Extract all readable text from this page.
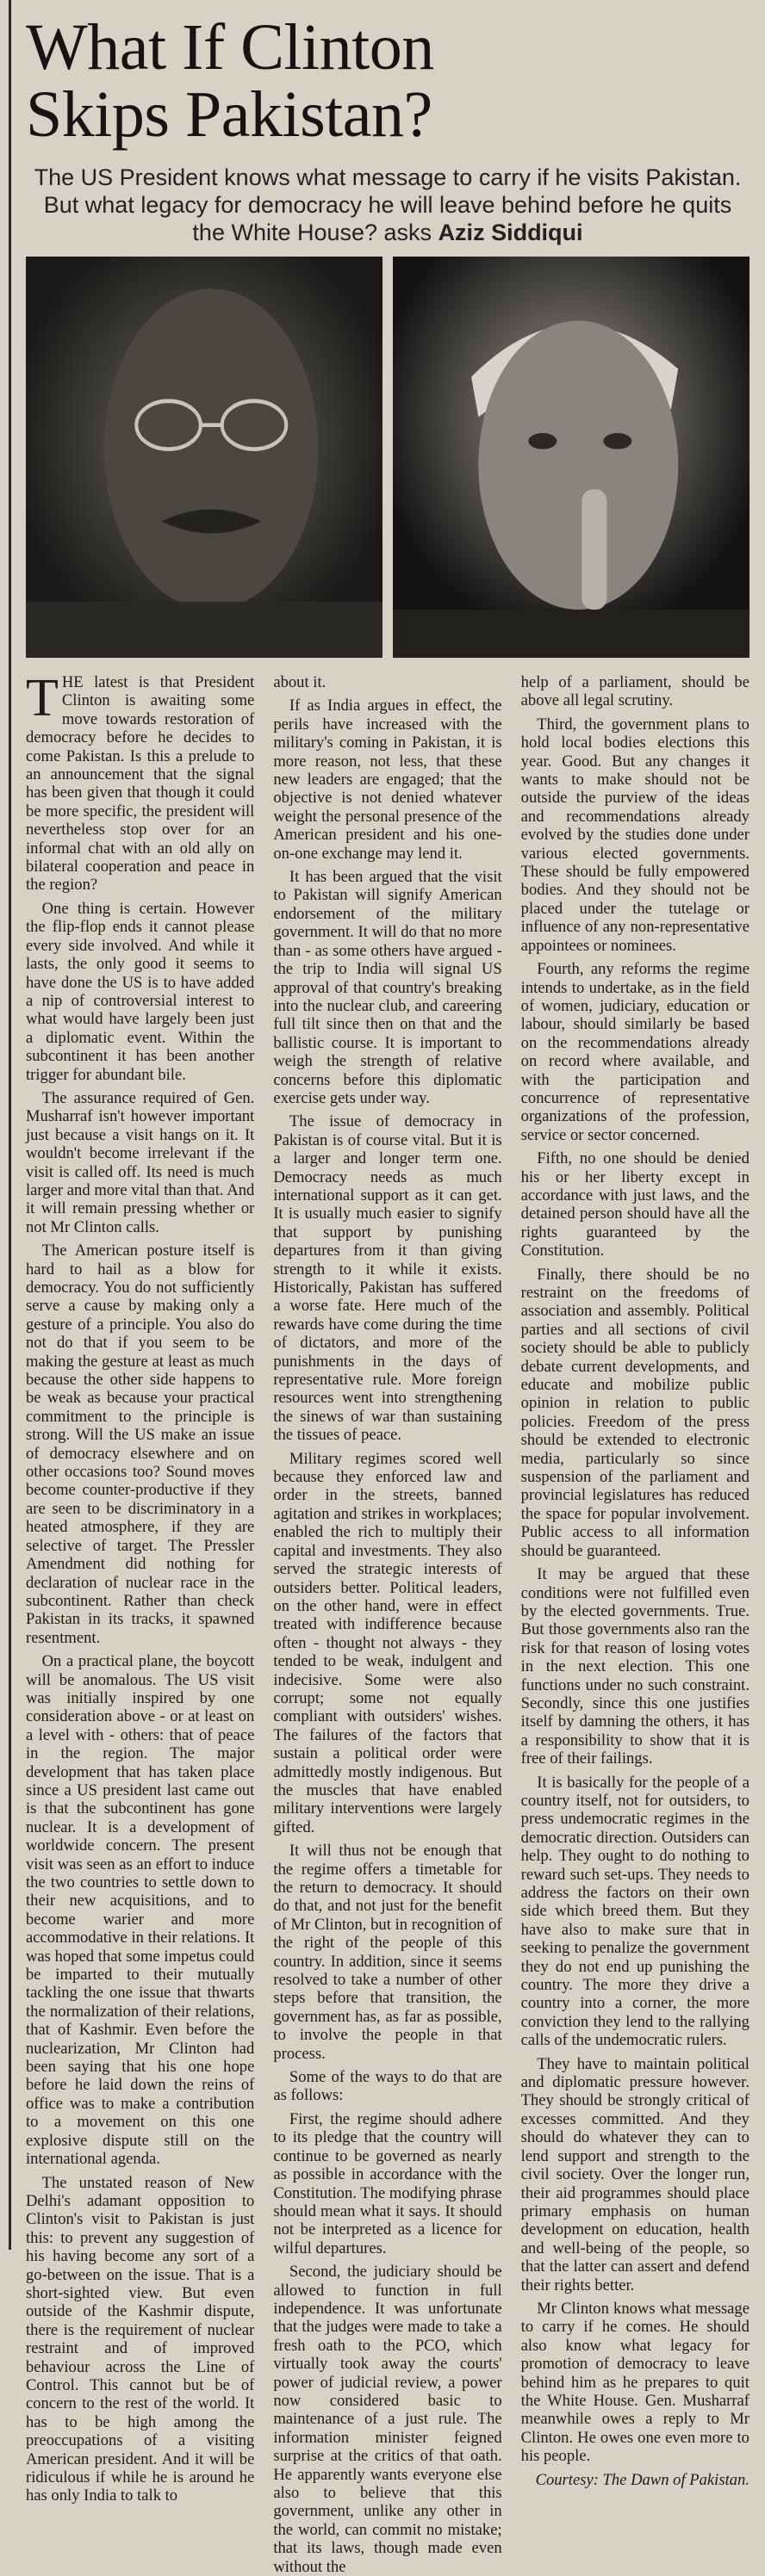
What If Clinton
Skips Pakistan?

The US President knows what message to carry if he visits Pakistan. But what legacy for democracy he will leave behind before he quits the White House? asks Aziz Siddiqui

THE latest is that President Clinton is awaiting some move towards restoration of democracy before he decides to come Pakistan. Is this a prelude to an announcement that the signal has been given that though it could be more specific, the president will nevertheless stop over for an informal chat with an old ally on bilateral cooperation and peace in the region?

One thing is certain. However the flip-flop ends it cannot please every side involved. And while it lasts, the only good it seems to have done the US is to have added a nip of controversial interest to what would have largely been just a diplomatic event. Within the subcontinent it has been another trigger for abundant bile.

The assurance required of Gen. Musharraf isn't however important just because a visit hangs on it. It wouldn't become irrelevant if the visit is called off. Its need is much larger and more vital than that. And it will remain pressing whether or not Mr Clinton calls.

The American posture itself is hard to hail as a blow for democracy. You do not sufficiently serve a cause by making only a gesture of a principle. You also do not do that if you seem to be making the gesture at least as much because the other side happens to be weak as because your practical commitment to the principle is strong. Will the US make an issue of democracy elsewhere and on other occasions too? Sound moves become counter-productive if they are seen to be discriminatory in a heated atmosphere, if they are selective of target. The Pressler Amendment did nothing for declaration of nuclear race in the subcontinent. Rather than check Pakistan in its tracks, it spawned resentment.

On a practical plane, the boycott will be anomalous. The US visit was initially inspired by one consideration above - or at least on a level with - others: that of peace in the region. The major development that has taken place since a US president last came out is that the subcontinent has gone nuclear. It is a development of worldwide concern. The present visit was seen as an effort to induce the two countries to settle down to their new acquisitions, and to become warier and more accommodative in their relations. It was hoped that some impetus could be imparted to their mutually tackling the one issue that thwarts the normalization of their relations, that of Kashmir. Even before the nuclearization, Mr Clinton had been saying that his one hope before he laid down the reins of office was to make a contribution to a movement on this one explosive dispute still on the international agenda.

The unstated reason of New Delhi's adamant opposition to Clinton's visit to Pakistan is just this: to prevent any suggestion of his having become any sort of a go-between on the issue. That is a short-sighted view. But even outside of the Kashmir dispute, there is the requirement of nuclear restraint and of improved behaviour across the Line of Control. This cannot but be of concern to the rest of the world. It has to be high among the preoccupations of a visiting American president. And it will be ridiculous if while he is around he has only India to talk to

about it.

If as India argues in effect, the perils have increased with the military's coming in Pakistan, it is more reason, not less, that these new leaders are engaged; that the objective is not denied whatever weight the personal presence of the American president and his one-on-one exchange may lend it.

It has been argued that the visit to Pakistan will signify American endorsement of the military government. It will do that no more than - as some others have argued - the trip to India will signal US approval of that country's breaking into the nuclear club, and careering full tilt since then on that and the ballistic course. It is important to weigh the strength of relative concerns before this diplomatic exercise gets under way.

The issue of democracy in Pakistan is of course vital. But it is a larger and longer term one. Democracy needs as much international support as it can get. It is usually much easier to signify that support by punishing departures from it than giving strength to it while it exists. Historically, Pakistan has suffered a worse fate. Here much of the rewards have come during the time of dictators, and more of the punishments in the days of representative rule. More foreign resources went into strengthening the sinews of war than sustaining the tissues of peace.

Military regimes scored well because they enforced law and order in the streets, banned agitation and strikes in workplaces; enabled the rich to multiply their capital and investments. They also served the strategic interests of outsiders better. Political leaders, on the other hand, were in effect treated with indifference because often - thought not always - they tended to be weak, indulgent and indecisive. Some were also corrupt; some not equally compliant with outsiders' wishes. The failures of the factors that sustain a political order were admittedly mostly indigenous. But the muscles that have enabled military interventions were largely gifted.

It will thus not be enough that the regime offers a timetable for the return to democracy. It should do that, and not just for the benefit of Mr Clinton, but in recognition of the right of the people of this country. In addition, since it seems resolved to take a number of other steps before that transition, the government has, as far as possible, to involve the people in that process.

Some of the ways to do that are as follows:

First, the regime should adhere to its pledge that the country will continue to be governed as nearly as possible in accordance with the Constitution. The modifying phrase should mean what it says. It should not be interpreted as a licence for wilful departures.

Second, the judiciary should be allowed to function in full independence. It was unfortunate that the judges were made to take a fresh oath to the PCO, which virtually took away the courts' power of judicial review, a power now considered basic to maintenance of a just rule. The information minister feigned surprise at the critics of that oath. He apparently wants everyone else also to believe that this government, unlike any other in the world, can commit no mistake; that its laws, though made even without the

help of a parliament, should be above all legal scrutiny.

Third, the government plans to hold local bodies elections this year. Good. But any changes it wants to make should not be outside the purview of the ideas and recommendations already evolved by the studies done under various elected governments. These should be fully empowered bodies. And they should not be placed under the tutelage or influence of any non-representative appointees or nominees.

Fourth, any reforms the regime intends to undertake, as in the field of women, judiciary, education or labour, should similarly be based on the recommendations already on record where available, and with the participation and concurrence of representative organizations of the profession, service or sector concerned.

Fifth, no one should be denied his or her liberty except in accordance with just laws, and the detained person should have all the rights guaranteed by the Constitution.

Finally, there should be no restraint on the freedoms of association and assembly. Political parties and all sections of civil society should be able to publicly debate current developments, and educate and mobilize public opinion in relation to public policies. Freedom of the press should be extended to electronic media, particularly so since suspension of the parliament and provincial legislatures has reduced the space for popular involvement. Public access to all information should be guaranteed.

It may be argued that these conditions were not fulfilled even by the elected governments. True. But those governments also ran the risk for that reason of losing votes in the next election. This one functions under no such constraint. Secondly, since this one justifies itself by damning the others, it has a responsibility to show that it is free of their failings.

It is basically for the people of a country itself, not for outsiders, to press undemocratic regimes in the democratic direction. Outsiders can help. They ought to do nothing to reward such set-ups. They needs to address the factors on their own side which breed them. But they have also to make sure that in seeking to penalize the government they do not end up punishing the country. The more they drive a country into a corner, the more conviction they lend to the rallying calls of the undemocratic rulers.

They have to maintain political and diplomatic pressure however. They should be strongly critical of excesses committed. And they should do whatever they can to lend support and strength to the civil society. Over the longer run, their aid programmes should place primary emphasis on human development on education, health and well-being of the people, so that the latter can assert and defend their rights better.

Mr Clinton knows what message to carry if he comes. He should also know what legacy for promotion of democracy to leave behind him as he prepares to quit the White House. Gen. Musharraf meanwhile owes a reply to Mr Clinton. He owes one even more to his people.

Courtesy: The Dawn of Pakistan.
